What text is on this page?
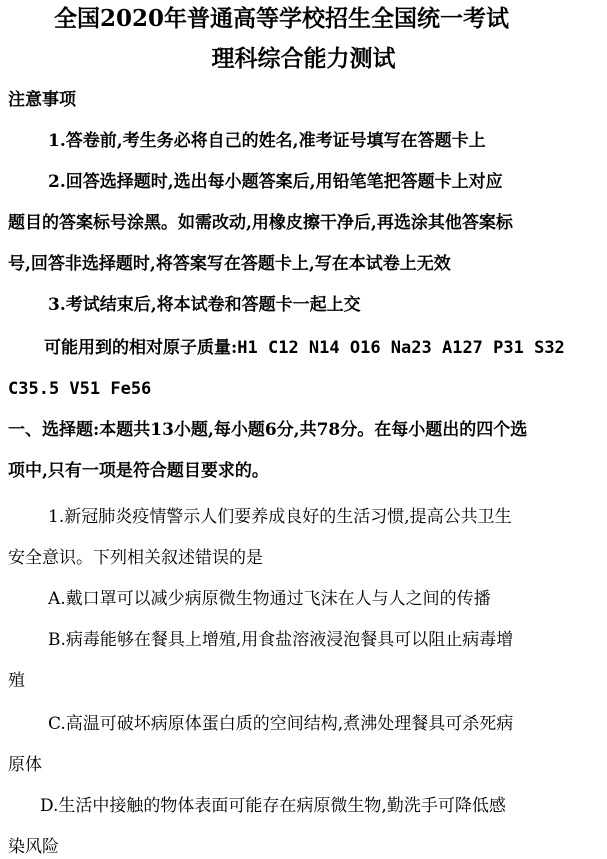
全国2020年普通高等学校招生全国统一考试
理科综合能力测试
注意事项
1.答卷前,考生务必将自己的姓名,准考证号填写在答题卡上
2.回答选择题时,选出每小题答案后,用铅笔笔把答题卡上对应
题目的答案标号涂黑。如需改动,用橡皮擦干净后,再选涂其他答案标
号,回答非选择题时,将答案写在答题卡上,写在本试卷上无效
3.考试结束后,将本试卷和答题卡一起上交
可能用到的相对原子质量:H1 C12 N14 O16 Na23 A127 P31 S32
C35.5 V51 Fe56
一、选择题:本题共13小题,每小题6分,共78分。在每小题出的四个选
项中,只有一项是符合题目要求的。
1.新冠肺炎疫情警示人们要养成良好的生活习惯,提高公共卫生
安全意识。下列相关叙述错误的是
A.戴口罩可以减少病原微生物通过飞沫在人与人之间的传播
B.病毒能够在餐具上增殖,用食盐溶液浸泡餐具可以阻止病毒增
殖
C.高温可破坏病原体蛋白质的空间结构,煮沸处理餐具可杀死病
原体
D.生活中接触的物体表面可能存在病原微生物,勤洗手可降低感
染风险
